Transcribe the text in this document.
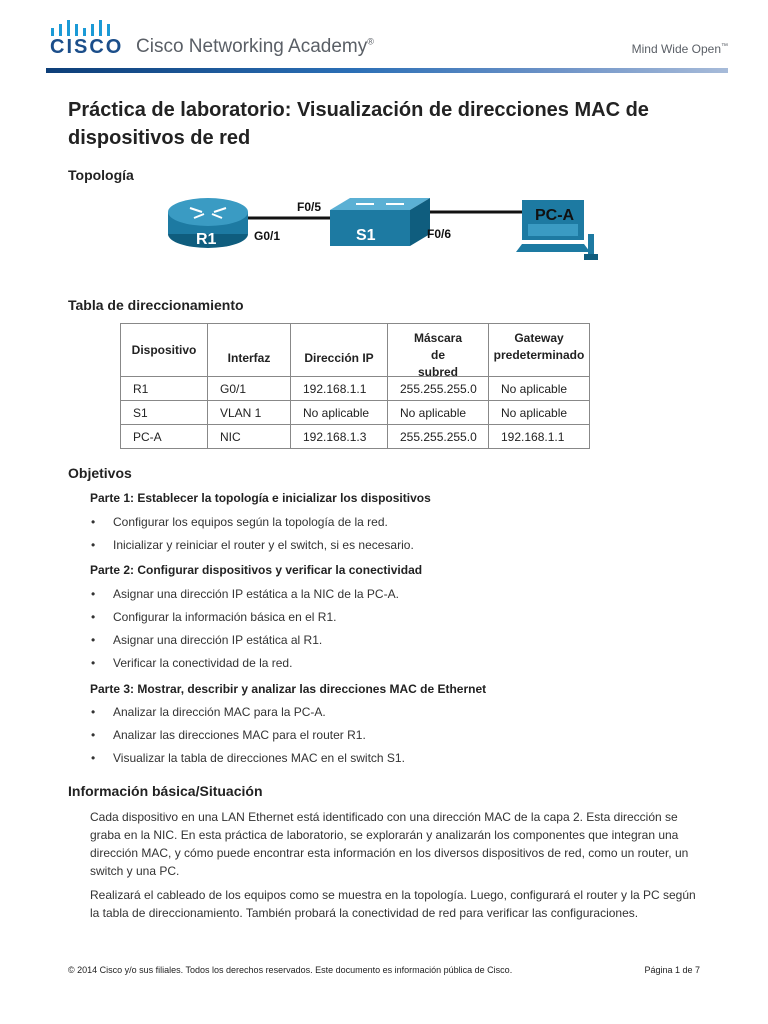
CISCO Cisco Networking Academy®
Mind Wide Open™
Práctica de laboratorio: Visualización de direcciones MAC de dispositivos de red
Topología
R1	S1
PC-A
G0/1
F0/5
F0/6
Tabla de direccionamiento
Dispositivo	Interfaz	Dirección IP	Máscara de subred	Gateway predeterminado

R1	G0/1	192.168.1.1	255.255.255.0	No aplicable
S1	VLAN 1	No aplicable	No aplicable	No aplicable
PC-A	NIC	192.168.1.3	255.255.255.0	192.168.1.1
Objetivos
Parte 1: Establecer la topología e inicializar los dispositivos
• Configurar los equipos según la topología de la red.
• Inicializar y reiniciar el router y el switch, si es necesario.
Parte 2: Configurar dispositivos y verificar la conectividad
• Asignar una dirección IP estática a la NIC de la PC-A.
• Configurar la información básica en el R1.
• Asignar una dirección IP estática al R1.
• Verificar la conectividad de la red.
Parte 3: Mostrar, describir y analizar las direcciones MAC de Ethernet
• Analizar la dirección MAC para la PC-A.
• Analizar las direcciones MAC para el router R1.
• Visualizar la tabla de direcciones MAC en el switch S1.
Información básica/Situación
Cada dispositivo en una LAN Ethernet está identificado con una dirección MAC de la capa 2. Esta dirección se graba en la NIC. En esta práctica de laboratorio, se explorarán y analizarán los componentes que integran una dirección MAC, y cómo puede encontrar esta información en los diversos dispositivos de red, como un router, un switch y una PC.
Realizará el cableado de los equipos como se muestra en la topología. Luego, configurará el router y la PC según la tabla de direccionamiento. También probará la conectividad de red para verificar las configuraciones.
© 2014 Cisco y/o sus filiales. Todos los derechos reservados. Este documento es información pública de Cisco.	Página 1 de 7
